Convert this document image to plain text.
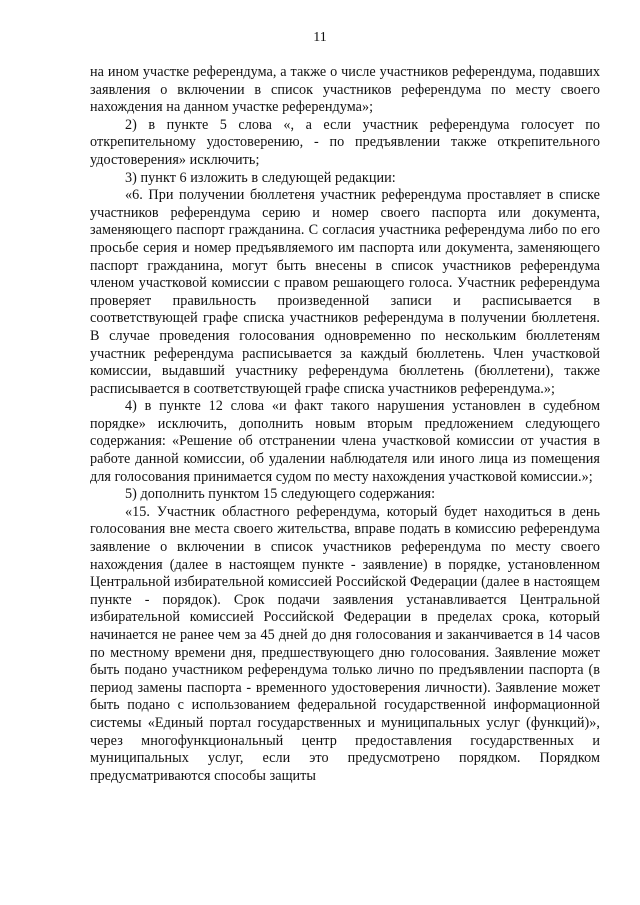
11

на ином участке референдума, а также о числе участников референдума, подавших заявления о включении в список участников референдума по месту своего нахождения на данном участке референдума»;

2) в пункте 5 слова «, а если участник референдума голосует по открепительному удостоверению, - по предъявлении также открепительного удостоверения» исключить;

3) пункт 6 изложить в следующей редакции:

«6. При получении бюллетеня участник референдума проставляет в списке участников референдума серию и номер своего паспорта или документа, заменяющего паспорт гражданина. С согласия участника референдума либо по его просьбе серия и номер предъявляемого им паспорта или документа, заменяющего паспорт гражданина, могут быть внесены в список участников референдума членом участковой комиссии с правом решающего голоса. Участник референдума проверяет правильность произведенной записи и расписывается в соответствующей графе списка участников референдума в получении бюллетеня. В случае проведения голосования одновременно по нескольким бюллетеням участник референдума расписывается за каждый бюллетень. Член участковой комиссии, выдавший участнику референдума бюллетень (бюллетени), также расписывается в соответствующей графе списка участников референдума.»;

4) в пункте 12 слова «и факт такого нарушения установлен в судебном порядке» исключить, дополнить новым вторым предложением следующего содержания: «Решение об отстранении члена участковой комиссии от участия в работе данной комиссии, об удалении наблюдателя или иного лица из помещения для голосования принимается судом по месту нахождения участковой комиссии.»;

5) дополнить пунктом 15 следующего содержания:

«15. Участник областного референдума, который будет находиться в день голосования вне места своего жительства, вправе подать в комиссию референдума заявление о включении в список участников референдума по месту своего нахождения (далее в настоящем пункте - заявление) в порядке, установленном Центральной избирательной комиссией Российской Федерации (далее в настоящем пункте - порядок). Срок подачи заявления устанавливается Центральной избирательной комиссией Российской Федерации в пределах срока, который начинается не ранее чем за 45 дней до дня голосования и заканчивается в 14 часов по местному времени дня, предшествующего дню голосования. Заявление может быть подано участником референдума только лично по предъявлении паспорта (в период замены паспорта - временного удостоверения личности). Заявление может быть подано с использованием федеральной государственной информационной системы «Единый портал государственных и муниципальных услуг (функций)», через многофункциональный центр предоставления государственных и муниципальных услуг, если это предусмотрено порядком. Порядком предусматриваются способы защиты
